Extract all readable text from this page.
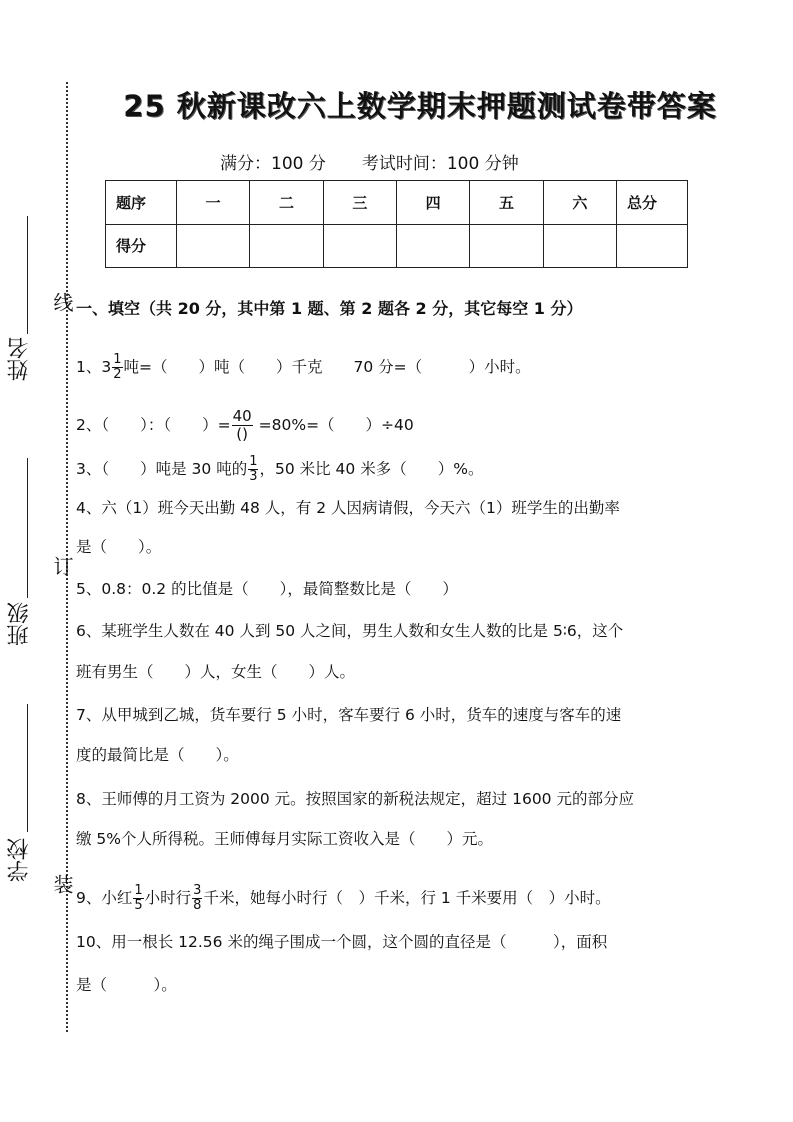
姓名
班级
学校
线
订
装
25 秋新课改六上数学期末押题测试卷带答案
满分：100 分 考试时间：100 分钟
题序	一	二	三	四	五	六	总分
得分							
一、填空（共 20 分，其中第 1 题、第 2 题各 2 分，其它每空 1 分）
1、$3 \frac{1}{2}$ 吨=（　　）吨（　　）千克　　70 分=（　　　）小时。
2、（　　）：（　　）= $\frac{40}{()} =80\%=$（　　）÷40
3、（　　）吨是 30 吨的 $\frac{1}{3}$ ，50 米比 40 米多（　　）%。
4、六（1）班今天出勤 48 人，有 2 人因病请假，今天六（1）班学生的出勤率
是（　　）。
5、0.8：0.2 的比值是（　　），最简整数比是（　　）
6、某班学生人数在 40 人到 50 人之间，男生人数和女生人数的比是 5∶6，这个
班有男生（　　）人，女生（　　）人。
7、从甲城到乙城，货车要行 5 小时，客车要行 6 小时，货车的速度与客车的速
度的最简比是（　　）。
8、王师傅的月工资为 2000 元。按照国家的新税法规定，超过 1600 元的部分应
缴 5%个人所得税。王师傅每月实际工资收入是（　　）元。
9、小红 $\frac{1}{5}$ 小时行 $\frac{3}{8}$ 千米，她每小时行（　）千米，行 1 千米要用（　）小时。
10、用一根长 12.56 米的绳子围成一个圆，这个圆的直径是（　　　），面积
是（　　　）。
